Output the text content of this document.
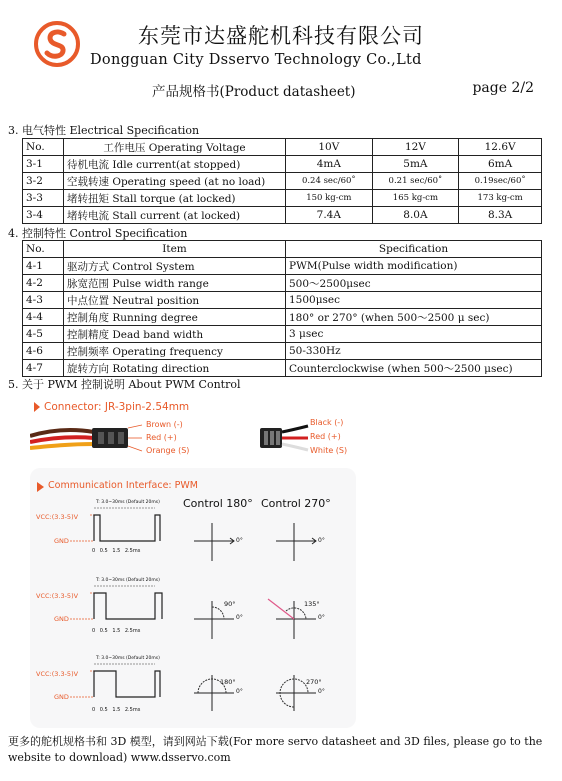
东莞市达盛舵机科技有限公司
Dongguan City Dsservo Technology Co.,Ltd
产品规格书(Product datasheet)	page 2/2
3. 电气特性 Electrical Specification
No.	工作电压 Operating Voltage	10V	12V	12.6V
3-1	待机电流 Idle current(at stopped)	4mA	5mA	6mA
3-2	空载转速 Operating speed (at no load)	0.24 sec/60˚	0.21 sec/60˚	0.19sec/60˚
3-3	堵转扭矩 Stall torque (at locked)	150 kg-cm	165 kg-cm	173 kg-cm
3-4	堵转电流 Stall current (at locked)	7.4A	8.0A	8.3A
4. 控制特性 Control Specification
No.	Item	Specification
4-1	驱动方式 Control System	PWM(Pulse width modification)
4-2	脉宽范围 Pulse width range	500～2500μsec
4-3	中点位置 Neutral position	1500μsec
4-4	控制角度 Running degree	180° or 270° (when 500～2500 μ sec)
4-5	控制精度 Dead band width	3 μsec
4-6	控制频率 Operating frequency	50-330Hz
4-7	旋转方向 Rotating direction	Counterclockwise (when 500～2500 μsec)
5. 关于 PWM 控制说明 About PWM Control
Connector: JR-3pin-2.54mm
Brown (-)
Red (+)
Orange (S)
Black (-)
Red (+)
White (S)
Communication Interface: PWM
Control 180° Control 270°
VCC:(3.3-5)V
GND
T: 3.0~30ms (Default 20ms)
0 0.5 1.5 2.5ms
VCC:(3.3-5)V
GND
T: 3.0~30ms (Default 20ms)
0 0.5 1.5 2.5ms
VCC:(3.3-5)V
GND
T: 3.0~30ms (Default 20ms)
0 0.5 1.5 2.5ms
0°	0°
90°
0°
135°
0°
180°
0°
270°
0°
更多的舵机规格书和 3D 模型，请到网站下载(For more servo datasheet and 3D files, please go to the website to download) www.dsservo.com
